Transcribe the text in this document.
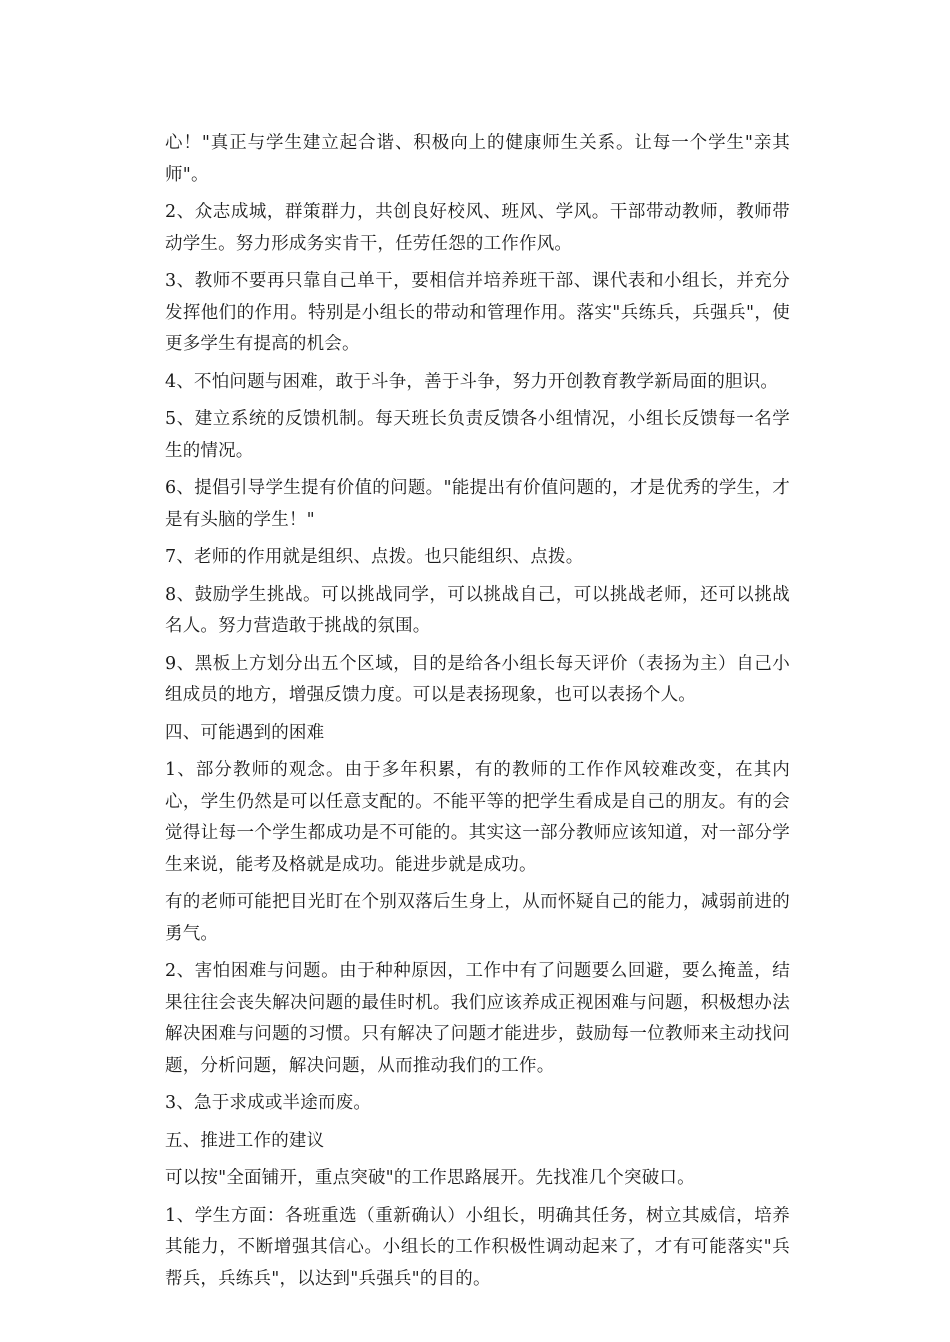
心！"真正与学生建立起合谐、积极向上的健康师生关系。让每一个学生"亲其师"。

2、众志成城，群策群力，共创良好校风、班风、学风。干部带动教师，教师带动学生。努力形成务实肯干，任劳任怨的工作作风。

3、教师不要再只靠自己单干，要相信并培养班干部、课代表和小组长，并充分发挥他们的作用。特别是小组长的带动和管理作用。落实"兵练兵，兵强兵"，使更多学生有提高的机会。

4、不怕问题与困难，敢于斗争，善于斗争，努力开创教育教学新局面的胆识。

5、建立系统的反馈机制。每天班长负责反馈各小组情况，小组长反馈每一名学生的情况。

6、提倡引导学生提有价值的问题。"能提出有价值问题的，才是优秀的学生，才是有头脑的学生！"

7、老师的作用就是组织、点拨。也只能组织、点拨。

8、鼓励学生挑战。可以挑战同学，可以挑战自己，可以挑战老师，还可以挑战名人。努力营造敢于挑战的氛围。

9、黑板上方划分出五个区域，目的是给各小组长每天评价（表扬为主）自己小组成员的地方，增强反馈力度。可以是表扬现象，也可以表扬个人。

四、可能遇到的困难

1、部分教师的观念。由于多年积累，有的教师的工作作风较难改变，在其内心，学生仍然是可以任意支配的。不能平等的把学生看成是自己的朋友。有的会觉得让每一个学生都成功是不可能的。其实这一部分教师应该知道，对一部分学生来说，能考及格就是成功。能进步就是成功。

有的老师可能把目光盯在个别双落后生身上，从而怀疑自己的能力，减弱前进的勇气。

2、害怕困难与问题。由于种种原因，工作中有了问题要么回避，要么掩盖，结果往往会丧失解决问题的最佳时机。我们应该养成正视困难与问题，积极想办法解决困难与问题的习惯。只有解决了问题才能进步，鼓励每一位教师来主动找问题，分析问题，解决问题，从而推动我们的工作。

3、急于求成或半途而废。

五、推进工作的建议

可以按"全面铺开，重点突破"的工作思路展开。先找准几个突破口。

1、学生方面：各班重选（重新确认）小组长，明确其任务，树立其威信，培养其能力，不断增强其信心。小组长的工作积极性调动起来了，才有可能落实"兵帮兵，兵练兵"，以达到"兵强兵"的目的。
